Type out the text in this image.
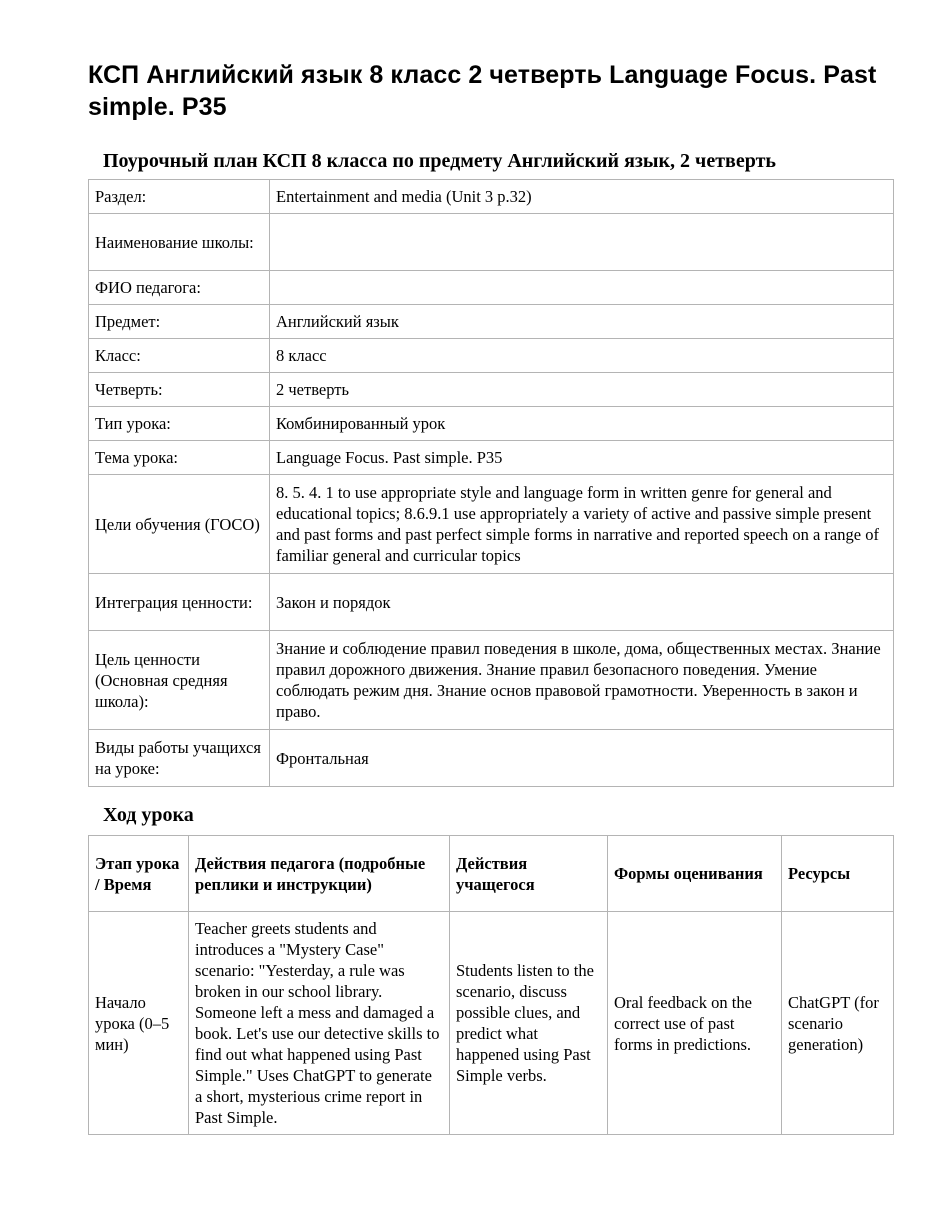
КСП Английский язык 8 класс 2 четверть Language Focus. Past simple. P35
Поурочный план КСП 8 класса по предмету Английский язык, 2 четверть
Раздел:	Entertainment and media (Unit 3 p.32)
Наименование школы:	
ФИО педагога:	
Предмет:	Английский язык
Класс:	8 класс
Четверть:	2 четверть
Тип урока:	Комбинированный урок
Тема урока:	Language Focus. Past simple. P35
Цели обучения (ГОСО)	8. 5. 4. 1 to use appropriate style and language form in written genre for general and educational topics; 8.6.9.1 use appropriately a variety of active and passive simple present and past forms and past perfect simple forms in narrative and reported speech on a range of familiar general and curricular topics
Интеграция ценности:	Закон и порядок
Цель ценности (Основная средняя школа):	Знание и соблюдение правил поведения в школе, дома, общественных местах. Знание правил дорожного движения. Знание правил безопасного поведения. Умение соблюдать режим дня. Знание основ правовой грамотности. Уверенность в закон и право.
Виды работы учащихся на уроке:	Фронтальная
Ход урока
Этап урока / Время	Действия педагога (подробные реплики и инструкции)	Действия учащегося	Формы оценивания	Ресурсы
Начало урока (0–5 мин)	Teacher greets students and introduces a "Mystery Case" scenario: "Yesterday, a rule was broken in our school library. Someone left a mess and damaged a book. Let's use our detective skills to find out what happened using Past Simple." Uses ChatGPT to generate a short, mysterious crime report in Past Simple.	Students listen to the scenario, discuss possible clues, and predict what happened using Past Simple verbs.	Oral feedback on the correct use of past forms in predictions.	ChatGPT (for scenario generation)
